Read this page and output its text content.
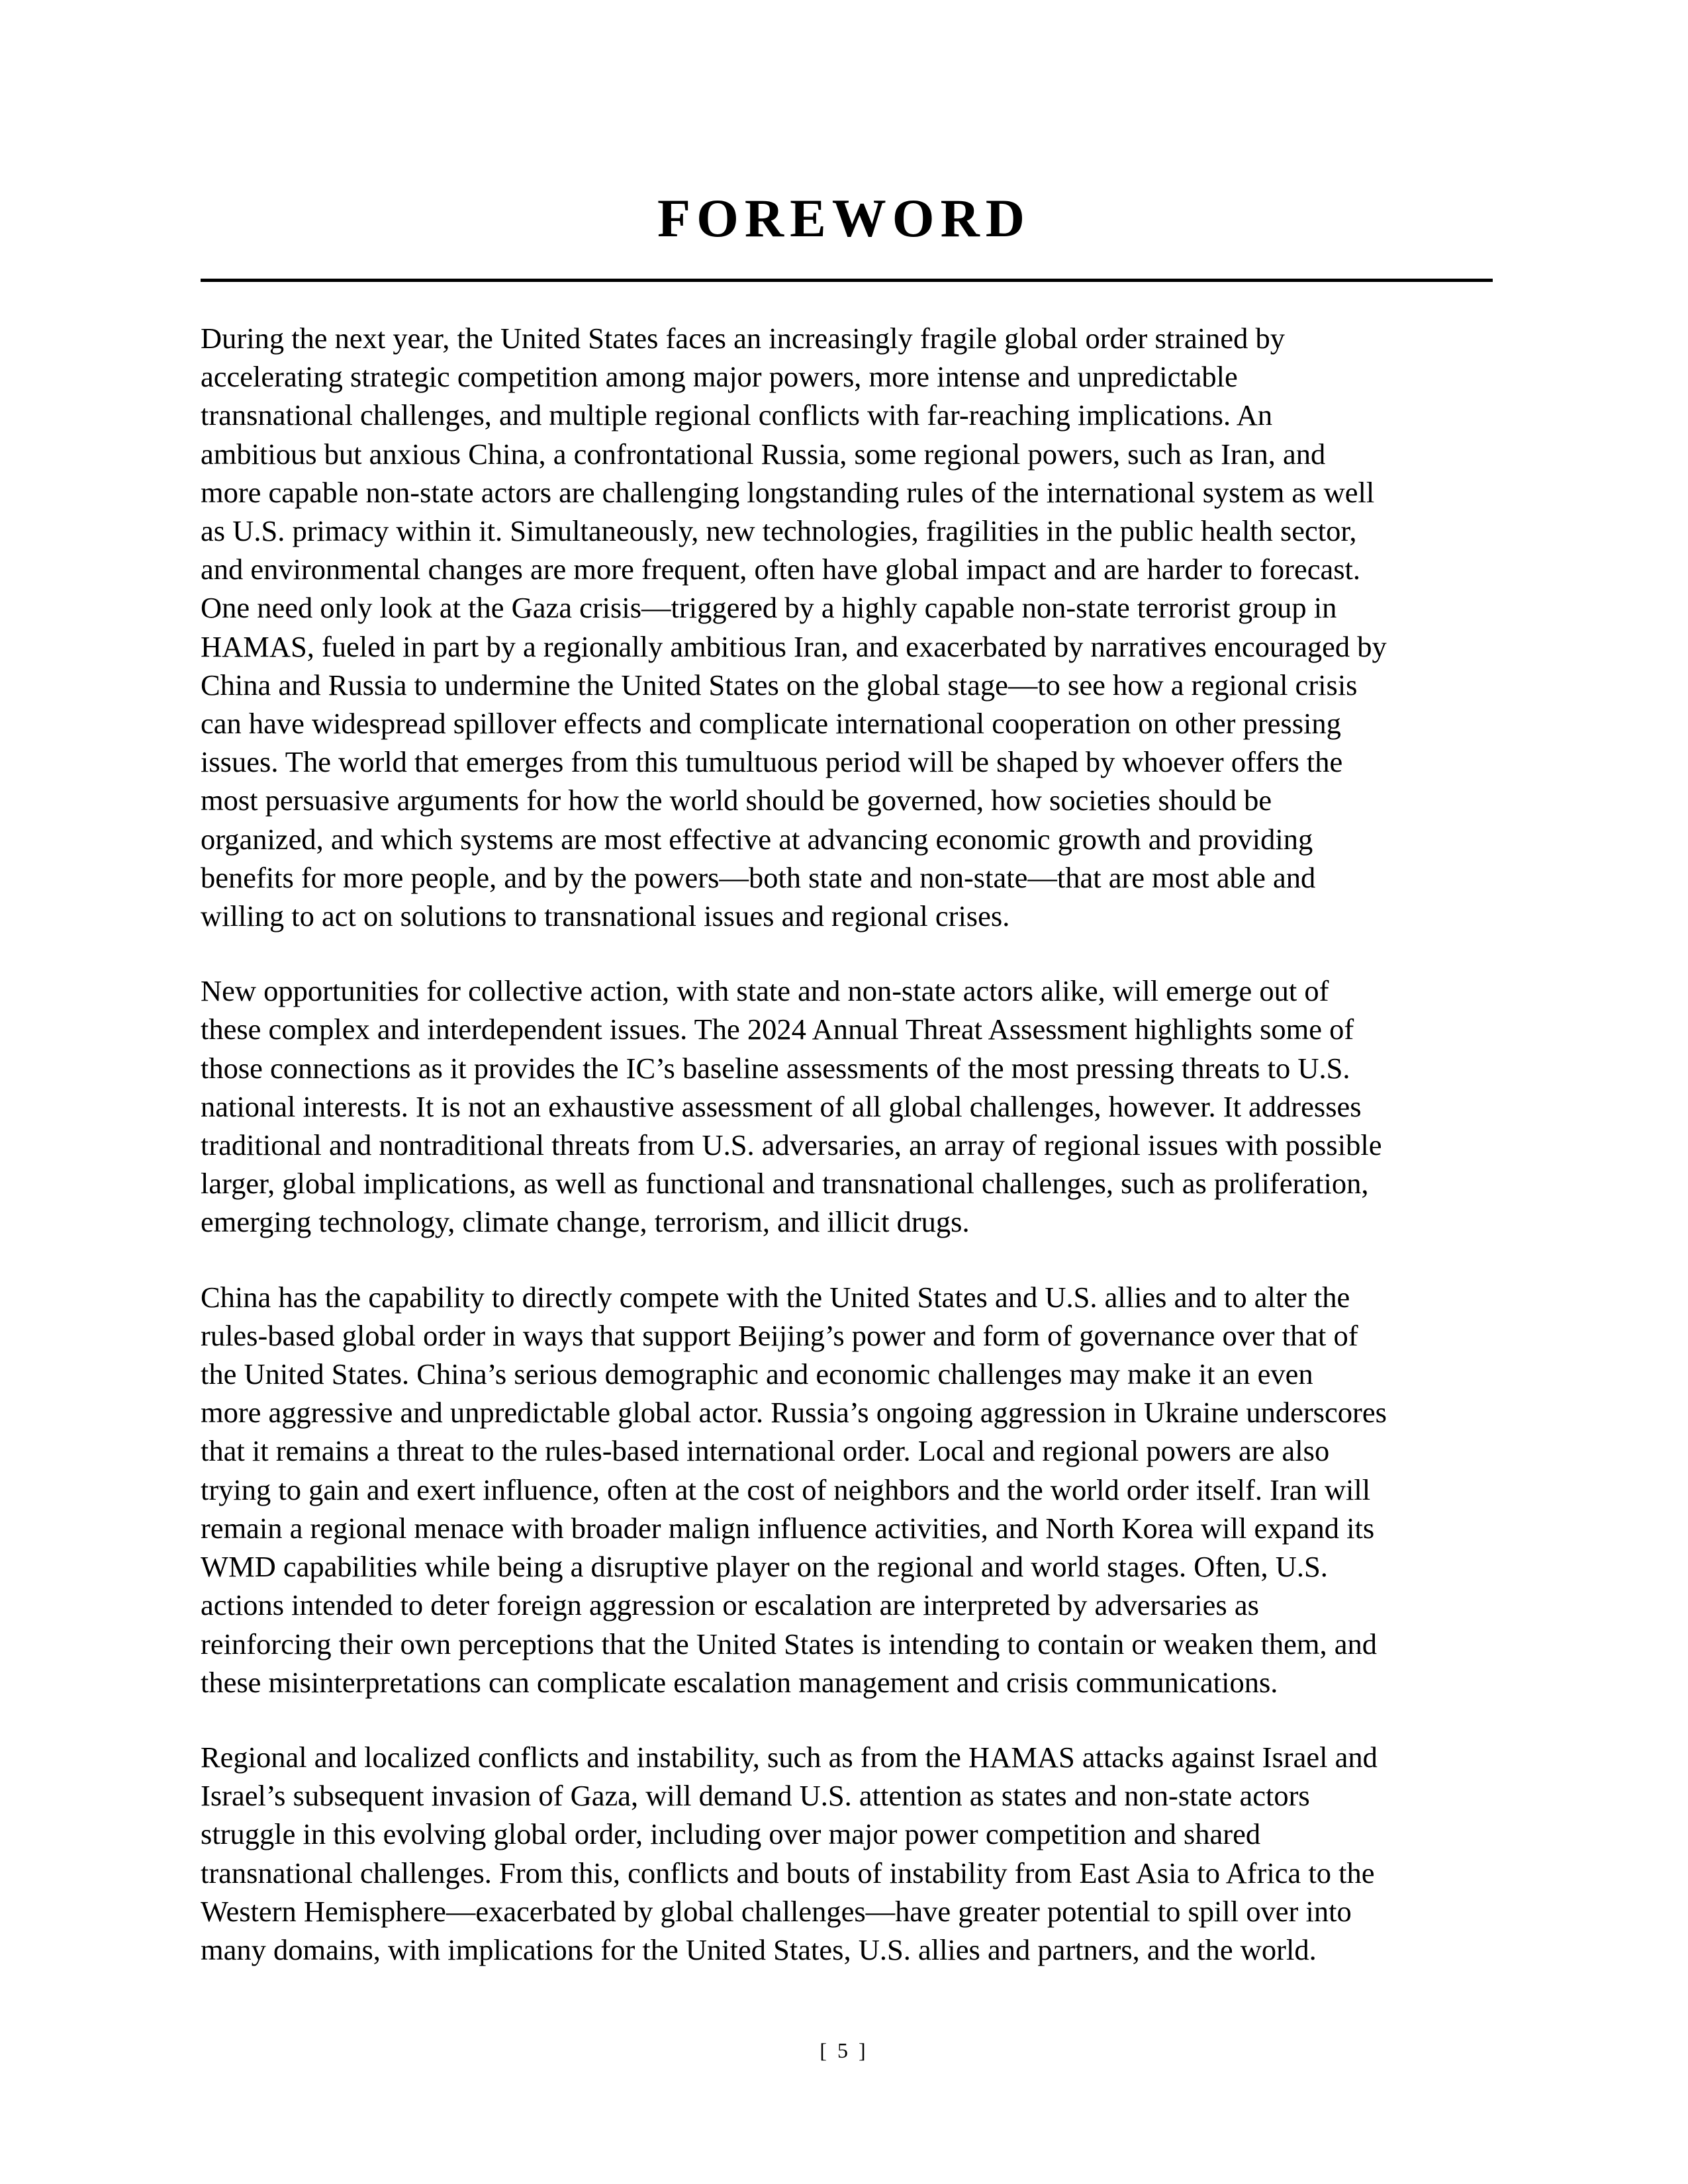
FOREWORD

During the next year, the United States faces an increasingly fragile global order strained by
accelerating strategic competition among major powers, more intense and unpredictable
transnational challenges, and multiple regional conflicts with far-reaching implications. An
ambitious but anxious China, a confrontational Russia, some regional powers, such as Iran, and
more capable non-state actors are challenging longstanding rules of the international system as well
as U.S. primacy within it. Simultaneously, new technologies, fragilities in the public health sector,
and environmental changes are more frequent, often have global impact and are harder to forecast.
One need only look at the Gaza crisis—triggered by a highly capable non-state terrorist group in
HAMAS, fueled in part by a regionally ambitious Iran, and exacerbated by narratives encouraged by
China and Russia to undermine the United States on the global stage—to see how a regional crisis
can have widespread spillover effects and complicate international cooperation on other pressing
issues. The world that emerges from this tumultuous period will be shaped by whoever offers the
most persuasive arguments for how the world should be governed, how societies should be
organized, and which systems are most effective at advancing economic growth and providing
benefits for more people, and by the powers—both state and non-state—that are most able and
willing to act on solutions to transnational issues and regional crises.

New opportunities for collective action, with state and non-state actors alike, will emerge out of
these complex and interdependent issues. The 2024 Annual Threat Assessment highlights some of
those connections as it provides the IC’s baseline assessments of the most pressing threats to U.S.
national interests. It is not an exhaustive assessment of all global challenges, however. It addresses
traditional and nontraditional threats from U.S. adversaries, an array of regional issues with possible
larger, global implications, as well as functional and transnational challenges, such as proliferation,
emerging technology, climate change, terrorism, and illicit drugs.

China has the capability to directly compete with the United States and U.S. allies and to alter the
rules-based global order in ways that support Beijing’s power and form of governance over that of
the United States. China’s serious demographic and economic challenges may make it an even
more aggressive and unpredictable global actor. Russia’s ongoing aggression in Ukraine underscores
that it remains a threat to the rules-based international order. Local and regional powers are also
trying to gain and exert influence, often at the cost of neighbors and the world order itself. Iran will
remain a regional menace with broader malign influence activities, and North Korea will expand its
WMD capabilities while being a disruptive player on the regional and world stages. Often, U.S.
actions intended to deter foreign aggression or escalation are interpreted by adversaries as
reinforcing their own perceptions that the United States is intending to contain or weaken them, and
these misinterpretations can complicate escalation management and crisis communications.

Regional and localized conflicts and instability, such as from the HAMAS attacks against Israel and
Israel’s subsequent invasion of Gaza, will demand U.S. attention as states and non-state actors
struggle in this evolving global order, including over major power competition and shared
transnational challenges. From this, conflicts and bouts of instability from East Asia to Africa to the
Western Hemisphere—exacerbated by global challenges—have greater potential to spill over into
many domains, with implications for the United States, U.S. allies and partners, and the world.

[ 5 ]
